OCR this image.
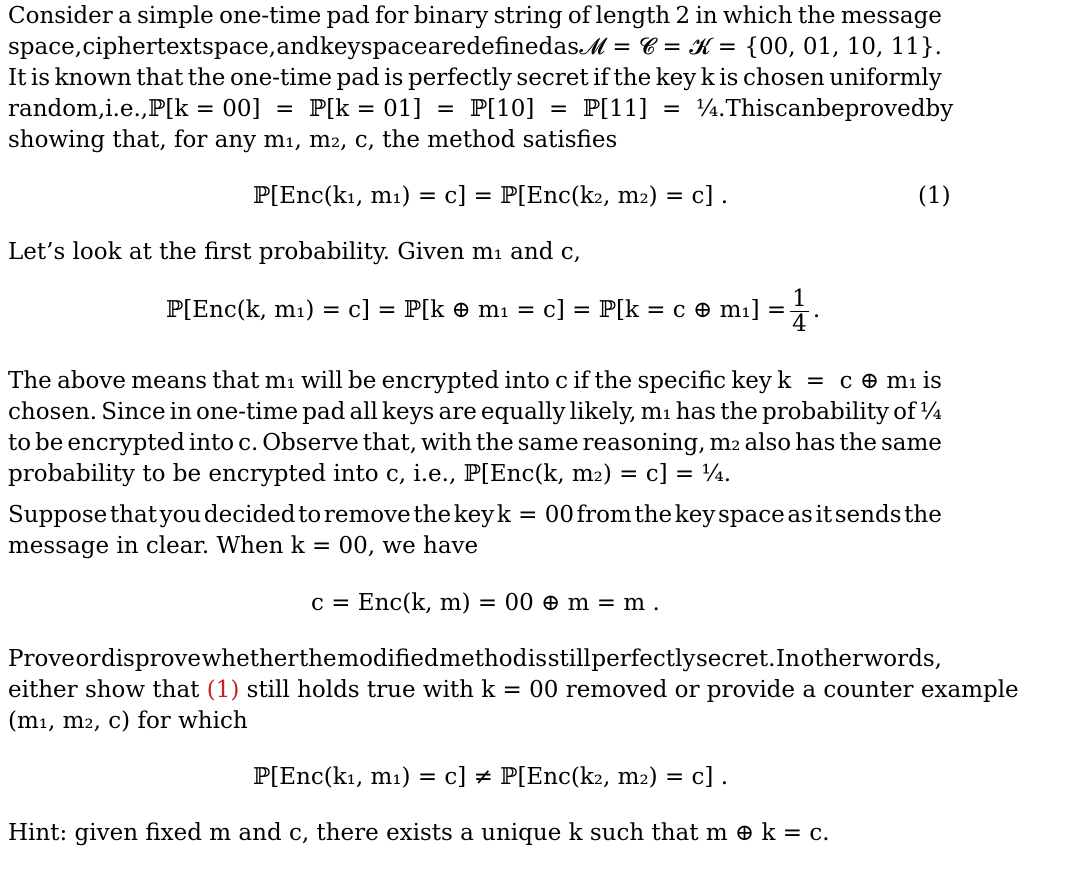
Consider a simple one-time pad for binary string of length 2 in which the message
space, ciphertext space, and key space are defined as 𝓜 = 𝓒 = 𝓚 = {00, 01, 10, 11}.
It is known that the one-time pad is perfectly secret if the key k is chosen uniformly
random, i.e., ℙ[k = 00]  =  ℙ[k = 01]  =  ℙ[10]  =  ℙ[11]  =  ¼. This can be proved by
showing that, for any m₁, m₂, c, the method satisfies
ℙ[Enc(k₁, m₁) = c] = ℙ[Enc(k₂, m₂) = c] .	(1)
Let’s look at the first probability. Given m₁ and c,
ℙ[Enc(k, m₁) = c] = ℙ[k ⊕ m₁ = c] = ℙ[k = c ⊕ $m_1] = \frac{1}{4}$ .
The above means that m₁ will be encrypted into c if the specific key k  =  c ⊕ m₁ is
chosen. Since in one-time pad all keys are equally likely, m₁ has the probability of ¼
to be encrypted into c. Observe that, with the same reasoning, m₂ also has the same
probability to be encrypted into c, i.e., ℙ[Enc(k, m₂) = c] = ¼.
Suppose that you decided to remove the key k = 00 from the key space as it sends the
message in clear. When k = 00, we have
c = Enc(k, m) = 00 ⊕ m = m .
Prove or disprove whether the modified method is still perfectly secret. In other words,
either show that (1) still holds true with k = 00 removed or provide a counter example
(m₁, m₂, c) for which
ℙ[Enc(k₁, m₁) = c] ≠ ℙ[Enc(k₂, m₂) = c] .
Hint: given fixed m and c, there exists a unique k such that m ⊕ k = c.
